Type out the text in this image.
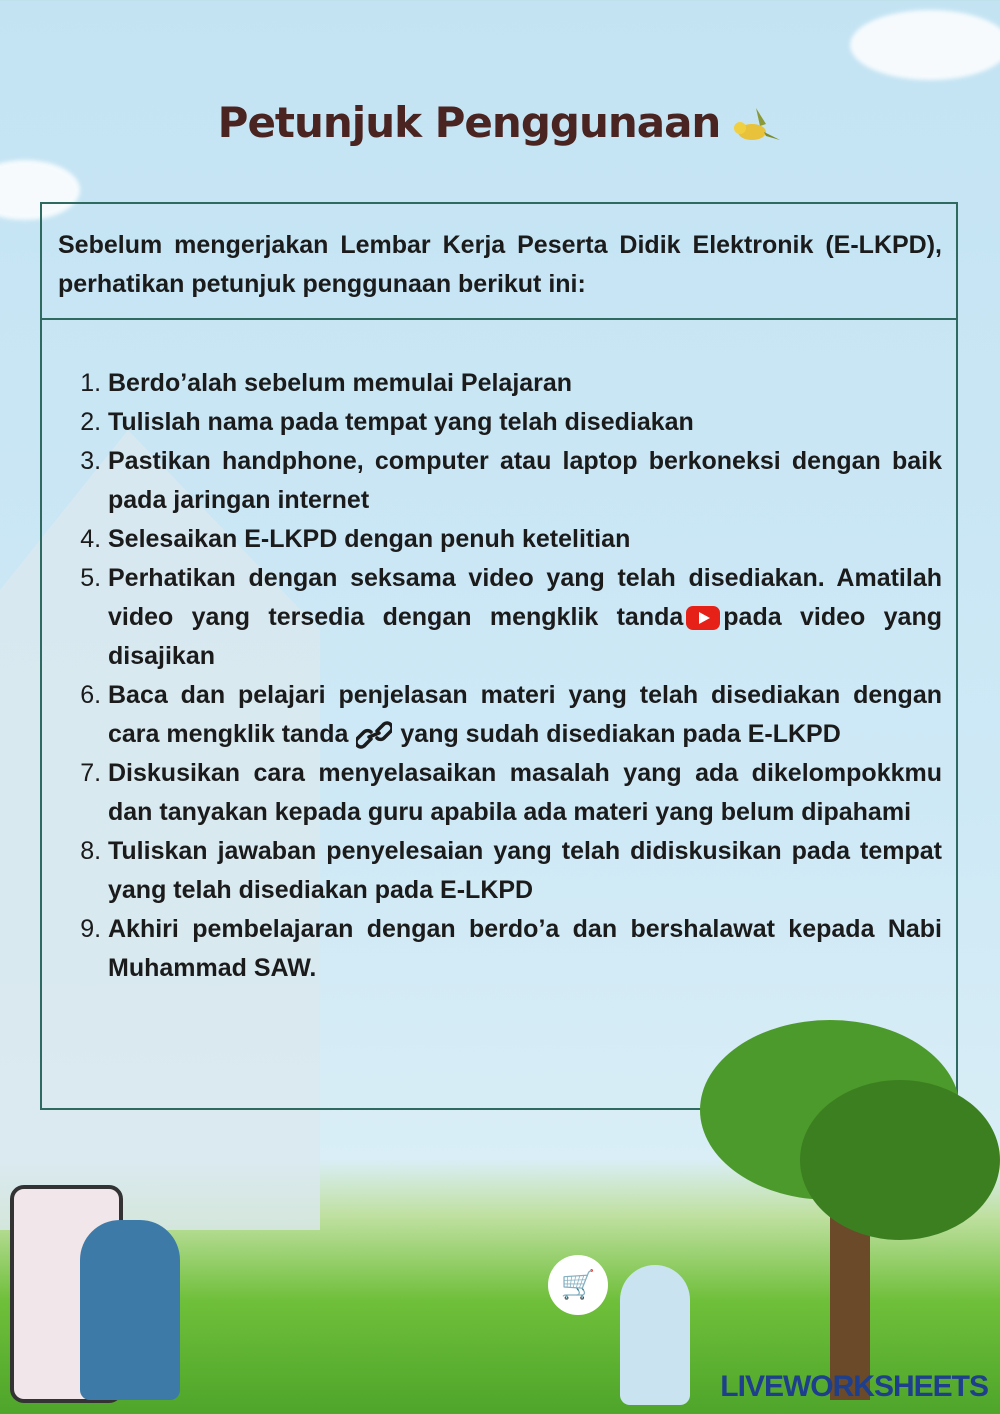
Petunjuk Penggunaan
Sebelum mengerjakan Lembar Kerja Peserta Didik Elektronik (E-LKPD), perhatikan petunjuk penggunaan berikut ini:
1. Berdo’alah sebelum memulai Pelajaran
2. Tulislah nama pada tempat yang telah disediakan
3. Pastikan handphone, computer atau laptop berkoneksi dengan baik pada jaringan internet
4. Selesaikan E-LKPD dengan penuh ketelitian
5. Perhatikan dengan seksama video yang telah disediakan. Amatilah video yang tersedia dengan mengklik tanda pada video yang disajikan
6. Baca dan pelajari penjelasan materi yang telah disediakan dengan cara mengklik tanda yang sudah disediakan pada E-LKPD
7. Diskusikan cara menyelasaikan masalah yang ada dikelompokkmu dan tanyakan kepada guru apabila ada materi yang belum dipahami
8. Tuliskan jawaban penyelesaian yang telah didiskusikan pada tempat yang telah disediakan pada E-LKPD
9. Akhiri pembelajaran dengan berdo’a dan bershalawat kepada Nabi Muhammad SAW.
🛒
LIVEWORKSHEETS
